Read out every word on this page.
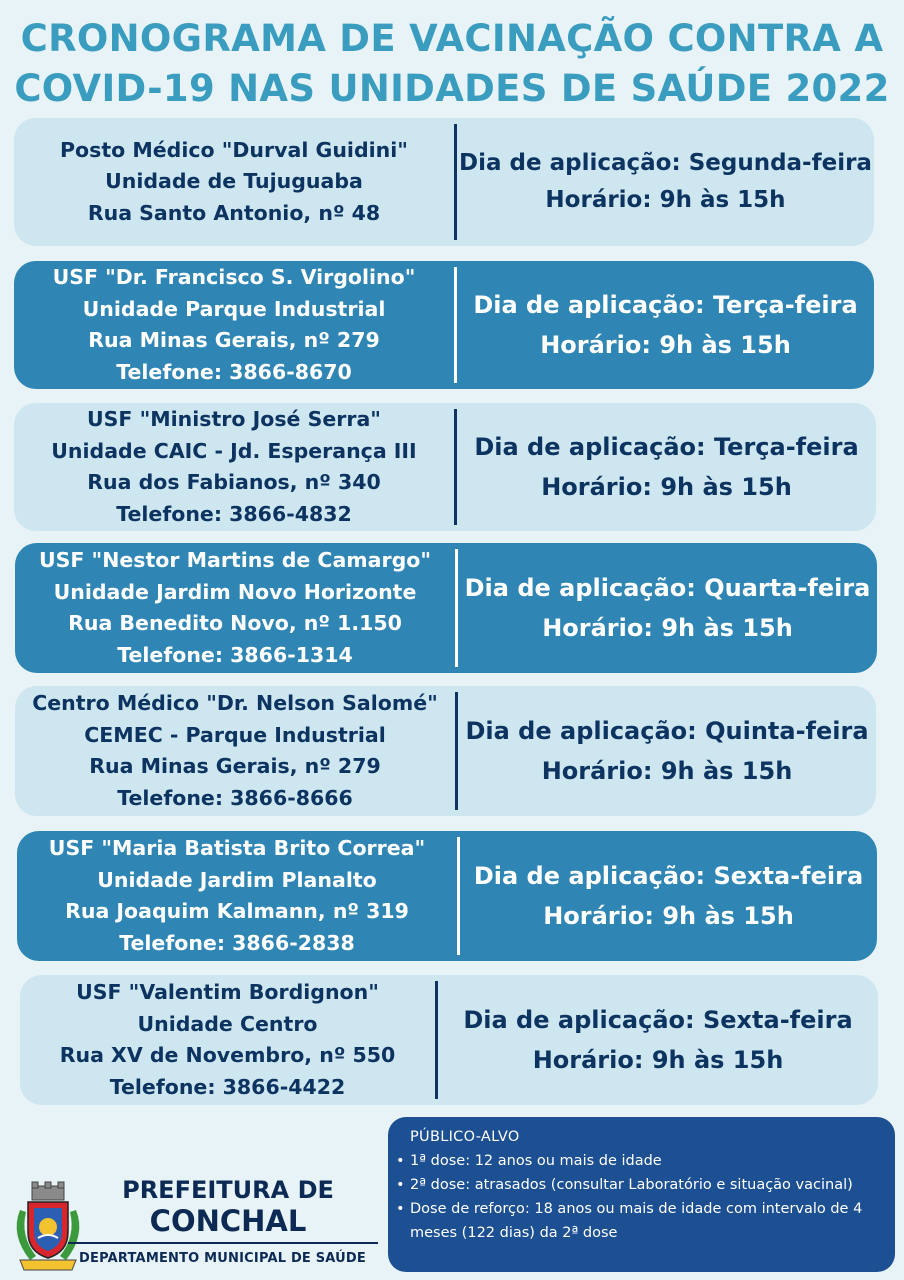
CRONOGRAMA DE VACINAÇÃO CONTRA A
COVID-19 NAS UNIDADES DE SAÚDE 2022
Posto Médico "Durval Guidini"
Unidade de Tujuguaba
Rua Santo Antonio, nº 48
Dia de aplicação: Segunda-feira
Horário: 9h às 15h
USF "Dr. Francisco S. Virgolino"
Unidade Parque Industrial
Rua Minas Gerais, nº 279
Telefone: 3866-8670
Dia de aplicação: Terça-feira
Horário: 9h às 15h
USF "Ministro José Serra"
Unidade CAIC - Jd. Esperança III
Rua dos Fabianos, nº 340
Telefone: 3866-4832
Dia de aplicação: Terça-feira
Horário: 9h às 15h
USF "Nestor Martins de Camargo"
Unidade Jardim Novo Horizonte
Rua Benedito Novo, nº 1.150
Telefone: 3866-1314
Dia de aplicação: Quarta-feira
Horário: 9h às 15h
Centro Médico "Dr. Nelson Salomé"
CEMEC - Parque Industrial
Rua Minas Gerais, nº 279
Telefone: 3866-8666
Dia de aplicação: Quinta-feira
Horário: 9h às 15h
USF "Maria Batista Brito Correa"
Unidade Jardim Planalto
Rua Joaquim Kalmann, nº 319
Telefone: 3866-2838
Dia de aplicação: Sexta-feira
Horário: 9h às 15h
USF "Valentim Bordignon"
Unidade Centro
Rua XV de Novembro, nº 550
Telefone: 3866-4422
Dia de aplicação: Sexta-feira
Horário: 9h às 15h
PÚBLICO-ALVO
• 1ª dose: 12 anos ou mais de idade
• 2ª dose: atrasados (consultar Laboratório e situação vacinal)
• Dose de reforço: 18 anos ou mais de idade com intervalo de 4 meses (122 dias) da 2ª dose
PREFEITURA DE
CONCHAL
DEPARTAMENTO MUNICIPAL DE SAÚDE
